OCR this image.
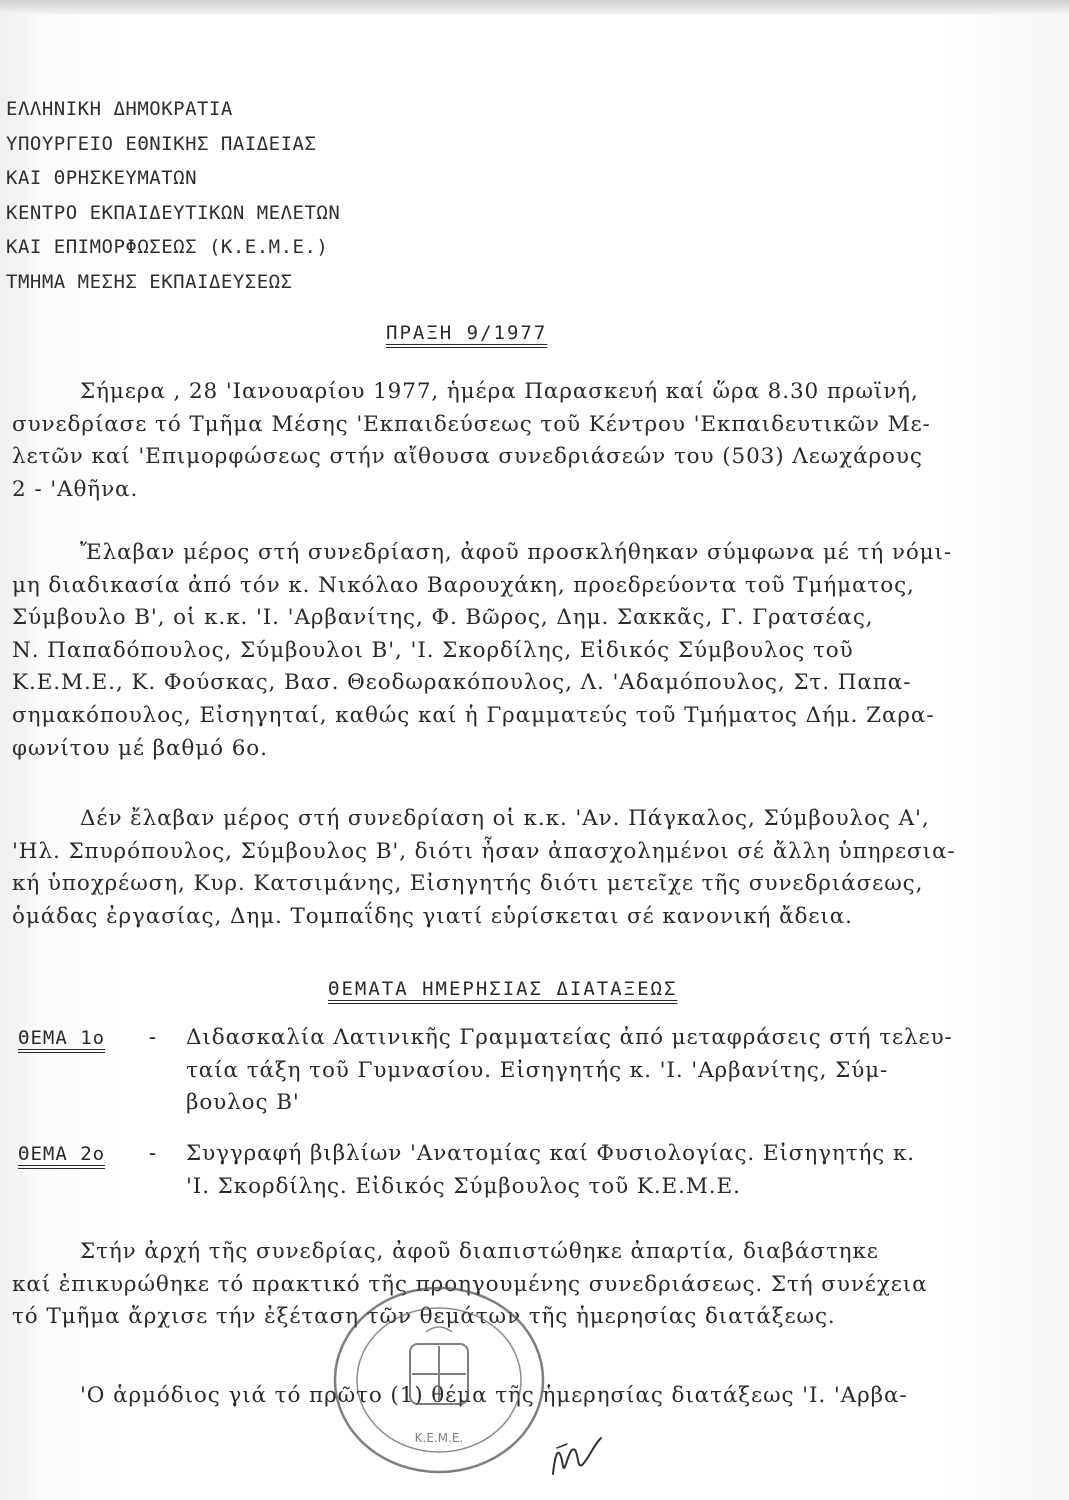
ΕΛΛΗΝΙΚΗ ΔΗΜΟΚΡΑΤΙΑ
ΥΠΟΥΡΓΕΙΟ ΕΘΝΙΚΗΣ ΠΑΙΔΕΙΑΣ
ΚΑΙ ΘΡΗΣΚΕΥΜΑΤΩΝ
ΚΕΝΤΡΟ ΕΚΠΑΙΔΕΥΤΙΚΩΝ ΜΕΛΕΤΩΝ
ΚΑΙ ΕΠΙΜΟΡΦΩΣΕΩΣ (Κ.Ε.Μ.Ε.)
ΤΜΗΜΑ ΜΕΣΗΣ ΕΚΠΑΙΔΕΥΣΕΩΣ
ΠΡΑΞΗ 9/1977
Σήμερα , 28 'Ιανουαρίου 1977, ἡμέρα Παρασκευή καί ὥρα 8.30 πρωϊνή,
συνεδρίασε τό Τμῆμα Μέσης 'Εκπαιδεύσεως τοῦ Κέντρου 'Εκπαιδευτικῶν Με-
λετῶν καί 'Επιμορφώσεως στήν αἴθουσα συνεδριάσεών του (503) Λεωχάρους
2 - 'Αθῆνα.
Ἔλαβαν μέρος στή συνεδρίαση, ἀφοῦ προσκλήθηκαν σύμφωνα μέ τή νόμι-
μη διαδικασία ἀπό τόν κ. Νικόλαο Βαρουχάκη, προεδρεύοντα τοῦ Τμήματος,
Σύμβουλο Β', οἱ κ.κ. 'Ι. 'Αρβανίτης, Φ. Βῶρος, Δημ. Σακκᾶς, Γ. Γρατσέας,
Ν. Παπαδόπουλος, Σύμβουλοι Β', 'Ι. Σκορδίλης, Εἰδικός Σύμβουλος τοῦ
Κ.Ε.Μ.Ε., Κ. Φούσκας, Βασ. Θεοδωρακόπουλος, Λ. 'Αδαμόπουλος, Στ. Παπα-
σημακόπουλος, Εἰσηγηταί, καθώς καί ἡ Γραμματεύς τοῦ Τμήματος Δήμ. Ζαρα-
φωνίτου μέ βαθμό 6ο.
Δέν ἔλαβαν μέρος στή συνεδρίαση οἱ κ.κ. 'Αν. Πάγκαλος, Σύμβουλος Α',
'Ηλ. Σπυρόπουλος, Σύμβουλος Β', διότι ἦσαν ἀπασχολημένοι σέ ἄλλη ὑπηρεσια-
κή ὑποχρέωση, Κυρ. Κατσιμάνης, Εἰσηγητής διότι μετεῖχε τῆς συνεδριάσεως,
ὁμάδας ἐργασίας, Δημ. Τομπαΐδης γιατί εὑρίσκεται σέ κανονική ἄδεια.
ΘΕΜΑΤΑ ΗΜΕΡΗΣΙΑΣ ΔΙΑΤΑΞΕΩΣ
ΘΕΜΑ 1ο - Διδασκαλία Λατινικῆς Γραμματείας ἀπό μεταφράσεις στή τελευ-
ταία τάξη τοῦ Γυμνασίου. Εἰσηγητής κ. 'Ι. 'Αρβανίτης, Σύμ-
βουλος Β'
ΘΕΜΑ 2ο - Συγγραφή βιβλίων 'Ανατομίας καί Φυσιολογίας. Εἰσηγητής κ.
'Ι. Σκορδίλης. Εἰδικός Σύμβουλος τοῦ Κ.Ε.Μ.Ε.
Στήν ἀρχή τῆς συνεδρίας, ἀφοῦ διαπιστώθηκε ἀπαρτία, διαβάστηκε
καί ἐπικυρώθηκε τό πρακτικό τῆς προηγουμένης συνεδριάσεως. Στή συνέχεια
τό Τμῆμα ἄρχισε τήν ἐξέταση τῶν θεμάτων τῆς ἡμερησίας διατάξεως.
'Ο ἁρμόδιος γιά τό πρῶτο (1) θέμα τῆς ἡμερησίας διατάξεως 'Ι. 'Αρβα-
Κ.Ε.Μ.Ε.
